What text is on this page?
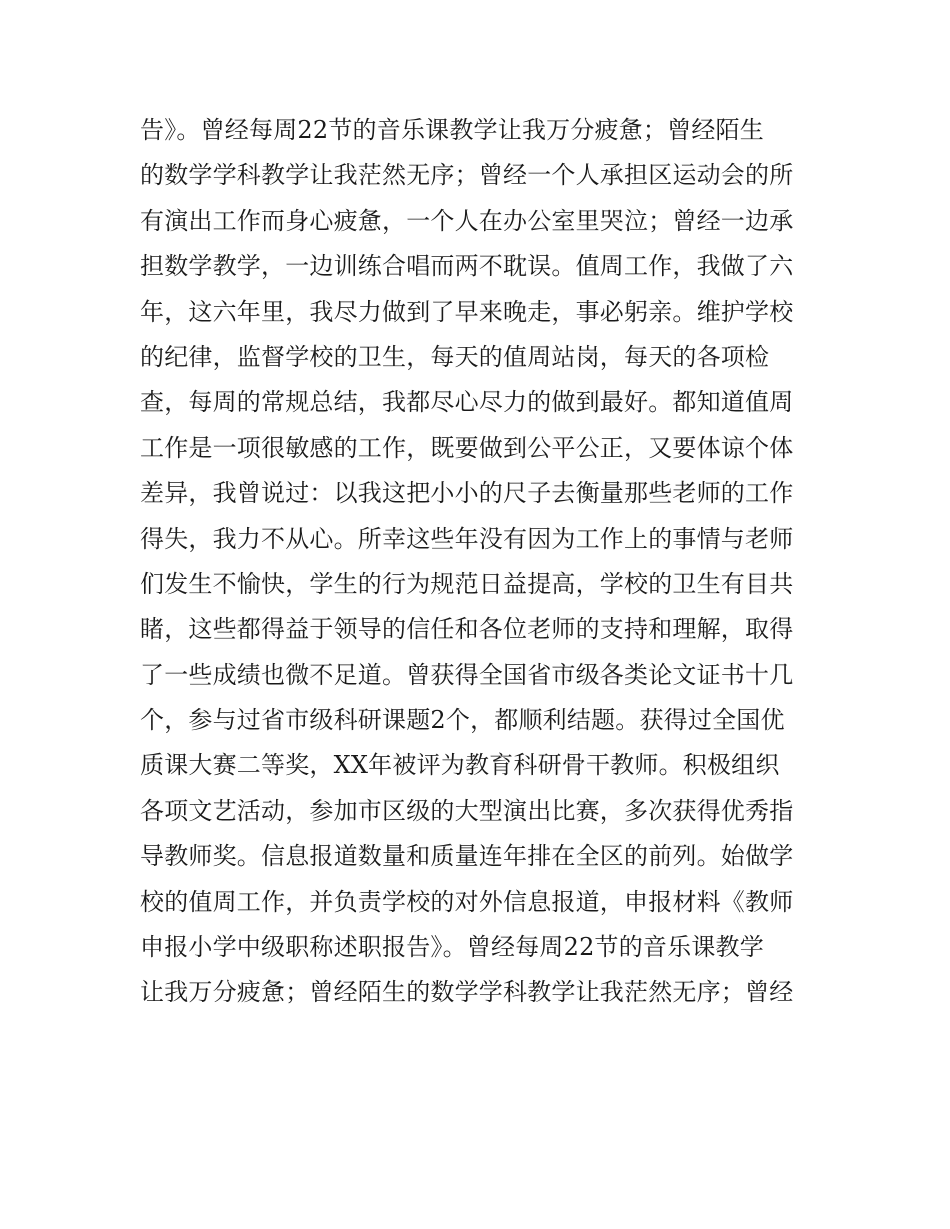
告》。曾经每周22节的音乐课教学让我万分疲惫；曾经陌生
的数学学科教学让我茫然无序；曾经一个人承担区运动会的所
有演出工作而身心疲惫，一个人在办公室里哭泣；曾经一边承
担数学教学，一边训练合唱而两不耽误。值周工作，我做了六
年，这六年里，我尽力做到了早来晚走，事必躬亲。维护学校
的纪律，监督学校的卫生，每天的值周站岗，每天的各项检
查，每周的常规总结，我都尽心尽力的做到最好。都知道值周
工作是一项很敏感的工作，既要做到公平公正，又要体谅个体
差异，我曾说过：以我这把小小的尺子去衡量那些老师的工作
得失，我力不从心。所幸这些年没有因为工作上的事情与老师
们发生不愉快，学生的行为规范日益提高，学校的卫生有目共
睹，这些都得益于领导的信任和各位老师的支持和理解，取得
了一些成绩也微不足道。曾获得全国省市级各类论文证书十几
个，参与过省市级科研课题2个，都顺利结题。获得过全国优
质课大赛二等奖，XX年被评为教育科研骨干教师。积极组织
各项文艺活动，参加市区级的大型演出比赛，多次获得优秀指
导教师奖。信息报道数量和质量连年排在全区的前列。始做学
校的值周工作，并负责学校的对外信息报道，申报材料《教师
申报小学中级职称述职报告》。曾经每周22节的音乐课教学
让我万分疲惫；曾经陌生的数学学科教学让我茫然无序；曾经
